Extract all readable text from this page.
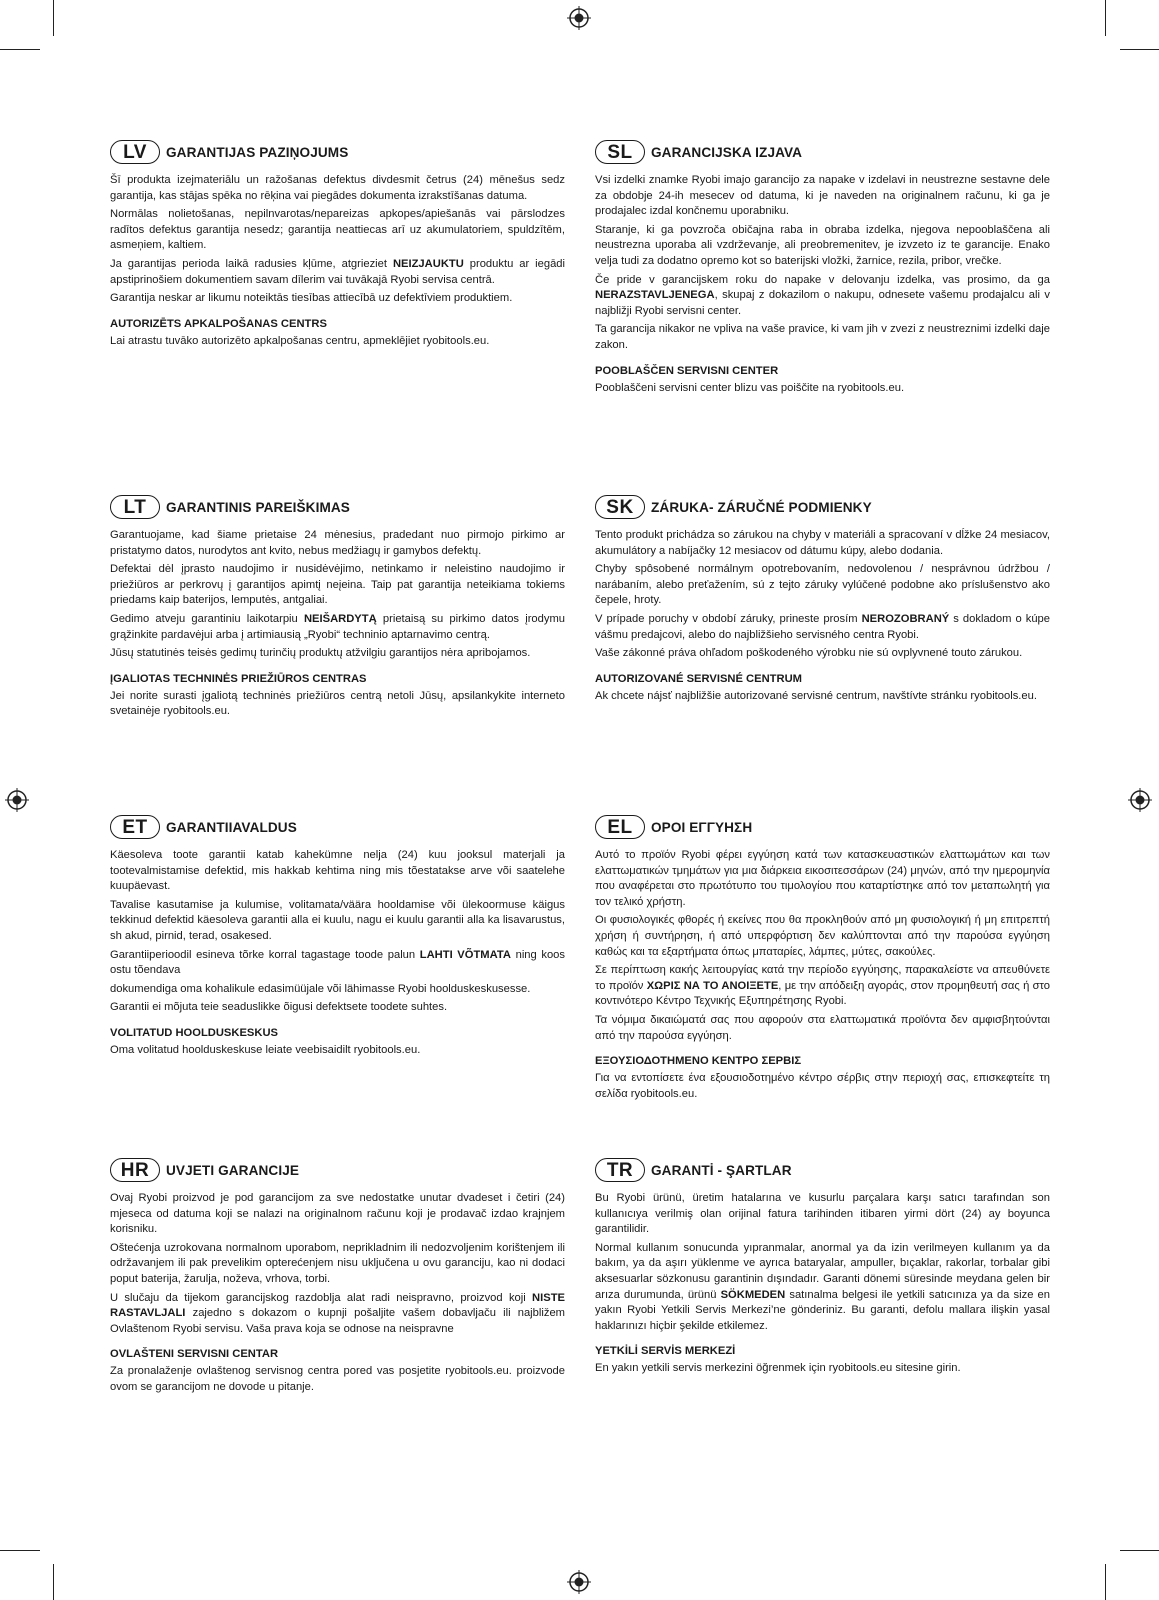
LV	GARANTIJAS PAZIŅOJUMS

Šī produkta izejmateriālu un ražošanas defektus divdesmit četrus (24) mēnešus sedz garantija, kas stājas spēka no rēķina vai piegādes dokumenta izrakstīšanas datuma.

Normālas nolietošanas, nepilnvarotas/nepareizas apkopes/apiešanās vai pārslodzes radītos defektus garantija nesedz; garantija neattiecas arī uz akumulatoriem, spuldzītēm, asmeņiem, kaltiem.

Ja garantijas perioda laikā radusies kļūme, atgrieziet NEIZJAUKTU produktu ar iegādi apstiprinošiem dokumentiem savam dīlerim vai tuvākajā Ryobi servisa centrā.

Garantija neskar ar likumu noteiktās tiesības attiecībā uz defektīviem produktiem.

AUTORIZĒTS APKALPOŠANAS CENTRS

Lai atrastu tuvāko autorizēto apkalpošanas centru, apmeklējiet ryobitools.eu.

SL	GARANCIJSKA IZJAVA

Vsi izdelki znamke Ryobi imajo garancijo za napake v izdelavi in neustrezne sestavne dele za obdobje 24-ih mesecev od datuma, ki je naveden na originalnem računu, ki ga je prodajalec izdal končnemu uporabniku.

Staranje, ki ga povzroča običajna raba in obraba izdelka, njegova nepooblaščena ali neustrezna uporaba ali vzdrževanje, ali preobremenitev, je izvzeto iz te garancije. Enako velja tudi za dodatno opremo kot so baterijski vložki, žarnice, rezila, pribor, vrečke.

Če pride v garancijskem roku do napake v delovanju izdelka, vas prosimo, da ga NERAZSTAVLJENEGA, skupaj z dokazilom o nakupu, odnesete vašemu prodajalcu ali v najbližji Ryobi servisni center.

Ta garancija nikakor ne vpliva na vaše pravice, ki vam jih v zvezi z neustreznimi izdelki daje zakon.

POOBLAŠČEN SERVISNI CENTER

Pooblaščeni servisni center blizu vas poiščite na ryobitools.eu.

LT	GARANTINIS PAREIŠKIMAS

Garantuojame, kad šiame prietaise 24 mėnesius, pradedant nuo pirmojo pirkimo ar pristatymo datos, nurodytos ant kvito, nebus medžiagų ir gamybos defektų.

Defektai dėl įprasto naudojimo ir nusidėvėjimo, netinkamo ir neleistino naudojimo ir priežiūros ar perkrovų į garantijos apimtį neįeina. Taip pat garantija neteikiama tokiems priedams kaip baterijos, lemputės, antgaliai.

Gedimo atveju garantiniu laikotarpiu NEIŠARDYTĄ prietaisą su pirkimo datos įrodymu grąžinkite pardavėjui arba į artimiausią „Ryobi“ techninio aptarnavimo centrą.

Jūsų statutinės teisės gedimų turinčių produktų atžvilgiu garantijos nėra apribojamos.

ĮGALIOTAS TECHNINĖS PRIEŽIŪROS CENTRAS

Jei norite surasti įgaliotą techninės priežiūros centrą netoli Jūsų, apsilankykite interneto svetainėje ryobitools.eu.

SK	ZÁRUKA- ZÁRUČNÉ PODMIENKY

Tento produkt prichádza so zárukou na chyby v materiáli a spracovaní v dĺžke 24 mesiacov, akumulátory a nabíjačky 12 mesiacov od dátumu kúpy, alebo dodania.

Chyby spôsobené normálnym opotrebovaním, nedovolenou / nesprávnou údržbou / narábaním, alebo preťažením, sú z tejto záruky vylúčené podobne ako príslušenstvo ako čepele, hroty.

V prípade poruchy v období záruky, prineste prosím NEROZOBRANÝ s dokladom o kúpe vášmu predajcovi, alebo do najbližšieho servisného centra Ryobi.

Vaše zákonné práva ohľadom poškodeného výrobku nie sú ovplyvnené touto zárukou.

AUTORIZOVANÉ SERVISNÉ CENTRUM

Ak chcete nájsť najbližšie autorizované servisné centrum, navštívte stránku ryobitools.eu.

ET	GARANTIIAVALDUS

Käesoleva toote garantii katab kahekümne nelja (24) kuu jooksul materjali ja tootevalmistamise defektid, mis hakkab kehtima ning mis tõestatakse arve või saatelehe kuupäevast.

Tavalise kasutamise ja kulumise, volitamata/väära hooldamise või ülekoormuse käigus tekkinud defektid käesoleva garantii alla ei kuulu, nagu ei kuulu garantii alla ka lisavarustus, sh akud, pirnid, terad, osakesed.

Garantiiperioodil esineva tõrke korral tagastage toode palun LAHTI VÕTMATA ning koos ostu tõendava

dokumendiga oma kohalikule edasimüüjale või lähimasse Ryobi hoolduskeskusesse.

Garantii ei mõjuta teie seaduslikke õigusi defektsete toodete suhtes.

VOLITATUD HOOLDUSKESKUS

Oma volitatud hoolduskeskuse leiate veebisaidilt ryobitools.eu.

EL	ΟΡΟΙ ΕΓΓΥΗΣΗ

Αυτό το προϊόν Ryobi φέρει εγγύηση κατά των κατασκευαστικών ελαττωμάτων και των ελαττωματικών τμημάτων για μια διάρκεια εικοσιτεσσάρων (24) μηνών, από την ημερομηνία που αναφέρεται στο πρωτότυπο του τιμολογίου που καταρτίστηκε από τον μεταπωλητή για τον τελικό χρήστη.

Οι φυσιολογικές φθορές ή εκείνες που θα προκληθούν από μη φυσιολογική ή μη επιτρεπτή χρήση ή συντήρηση, ή από υπερφόρτιση δεν καλύπτονται από την παρούσα εγγύηση καθώς και τα εξαρτήματα όπως μπαταρίες, λάμπες, μύτες, σακούλες.

Σε περίπτωση κακής λειτουργίας κατά την περίοδο εγγύησης, παρακαλείστε να απευθύνετε το προϊόν ΧΩΡΙΣ ΝΑ ΤΟ ΑΝΟΙΞΕΤΕ, με την απόδειξη αγοράς, στον προμηθευτή σας ή στο κοντινότερο Κέντρο Τεχνικής Εξυπηρέτησης Ryobi.

Τα νόμιμα δικαιώματά σας που αφορούν στα ελαττωματικά προϊόντα δεν αμφισβητούνται από την παρούσα εγγύηση.

ΕΞΟΥΣΙΟΔΟΤΗΜΕΝΟ ΚΕΝΤΡΟ ΣΕΡΒΙΣ

Για να εντοπίσετε ένα εξουσιοδοτημένο κέντρο σέρβις στην περιοχή σας, επισκεφτείτε τη σελίδα ryobitools.eu.

HR	UVJETI GARANCIJE

Ovaj Ryobi proizvod je pod garancijom za sve nedostatke unutar dvadeset i četiri (24) mjeseca od datuma koji se nalazi na originalnom računu koji je prodavač izdao krajnjem korisniku.

Oštećenja uzrokovana normalnom uporabom, neprikladnim ili nedozvoljenim korištenjem ili održavanjem ili pak prevelikim opterećenjem nisu uključena u ovu garanciju, kao ni dodaci poput baterija, žarulja, noževa, vrhova, torbi.

U slučaju da tijekom garancijskog razdoblja alat radi neispravno, proizvod koji NISTE RASTAVLJALI zajedno s dokazom o kupnji pošaljite vašem dobavljaču ili najbližem Ovlaštenom Ryobi servisu. Vaša prava koja se odnose na neispravne

OVLAŠTENI SERVISNI CENTAR

Za pronalaženje ovlaštenog servisnog centra pored vas posjetite ryobitools.eu. proizvode ovom se garancijom ne dovode u pitanje.

TR	GARANTİ - ŞARTLAR

Bu Ryobi ürünü, üretim hatalarına ve kusurlu parçalara karşı satıcı tarafından son kullanıcıya verilmiş olan orijinal fatura tarihinden itibaren yirmi dört (24) ay boyunca garantilidir.

Normal kullanım sonucunda yıpranmalar, anormal ya da izin verilmeyen kullanım ya da bakım, ya da aşırı yüklenme ve ayrıca bataryalar, ampuller, bıçaklar, rakorlar, torbalar gibi aksesuarlar sözkonusu garantinin dışındadır. Garanti dönemi süresinde meydana gelen bir arıza durumunda, ürünü SÖKMEDEN satınalma belgesi ile yetkili satıcınıza ya da size en yakın Ryobi Yetkili Servis Merkezi’ne gönderiniz. Bu garanti, defolu mallara ilişkin yasal haklarınızı hiçbir şekilde etkilemez.

YETKİLİ SERVİS MERKEZİ

En yakın yetkili servis merkezini öğrenmek için ryobitools.eu sitesine girin.
